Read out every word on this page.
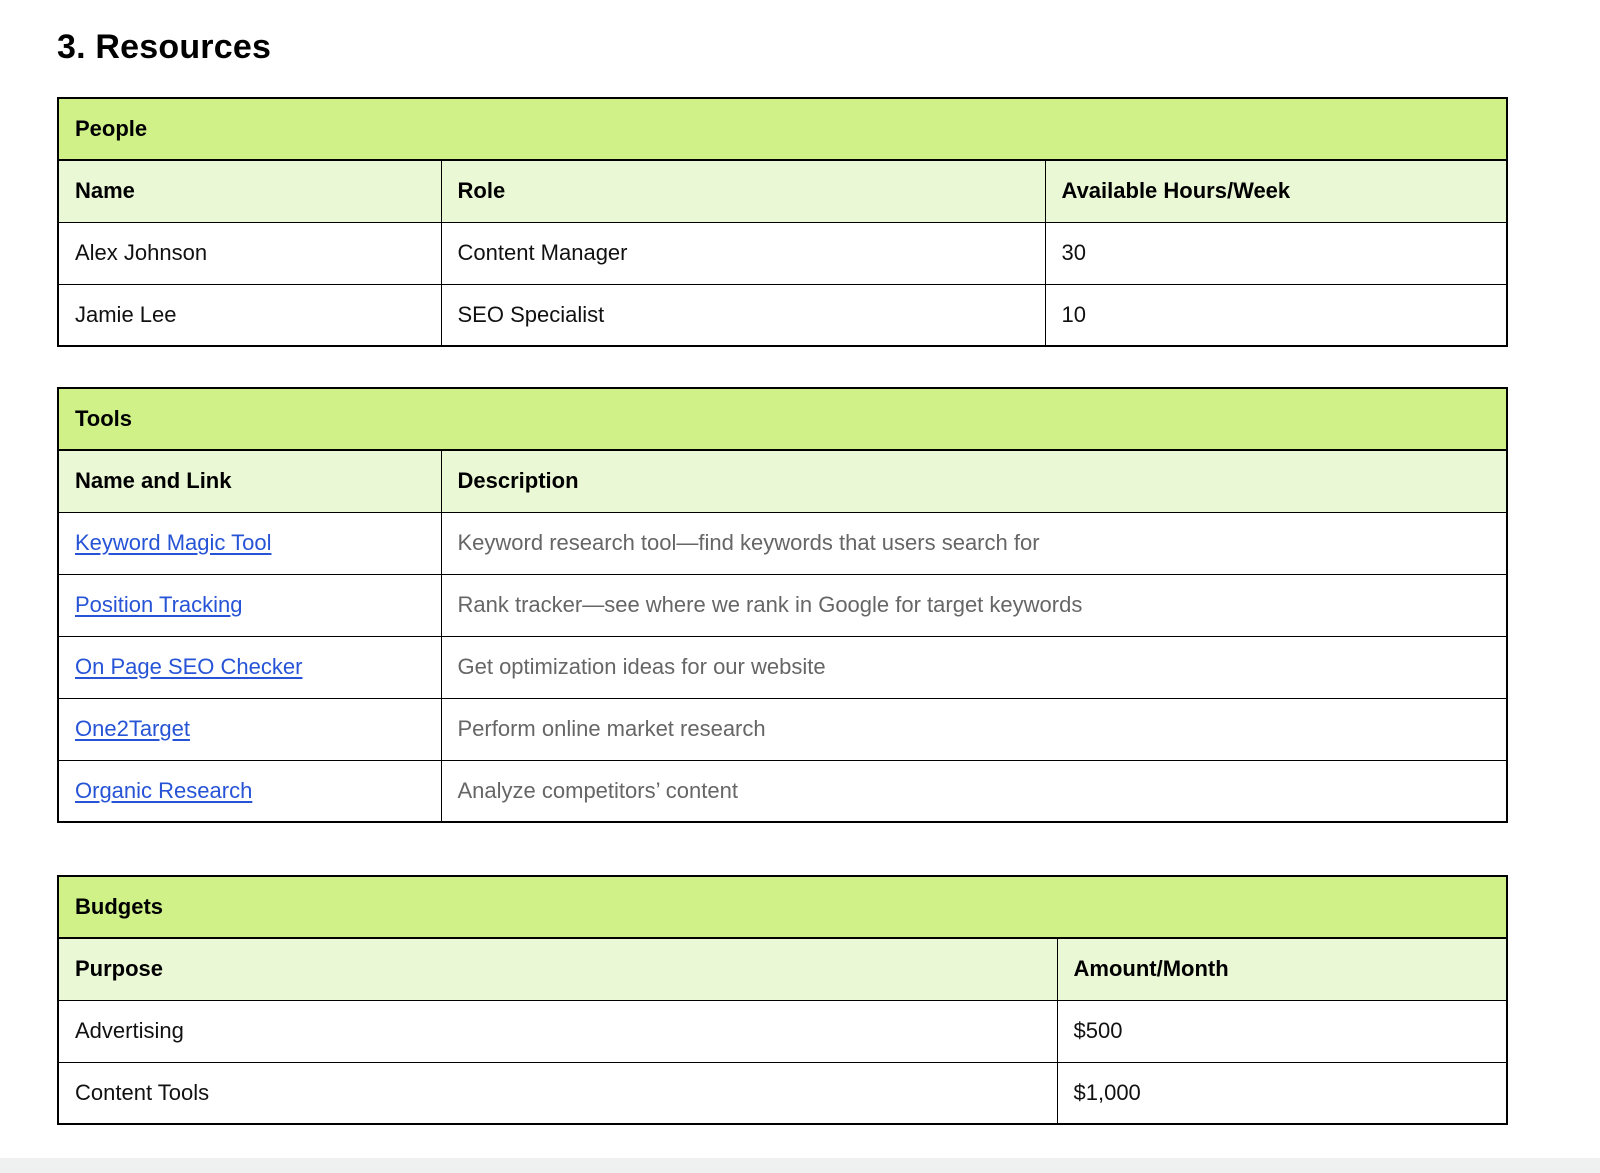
3. Resources
People		
Name	Role	Available Hours/Week
Alex Johnson	Content Manager	30
Jamie Lee	SEO Specialist	10
Tools	
Name and Link	Description
Keyword Magic Tool	Keyword research tool—find keywords that users search for
Position Tracking	Rank tracker—see where we rank in Google for target keywords
On Page SEO Checker	Get optimization ideas for our website
One2Target	Perform online market research
Organic Research	Analyze competitors’ content
Budgets	
Purpose	Amount/Month
Advertising	$500
Content Tools	$1,000
